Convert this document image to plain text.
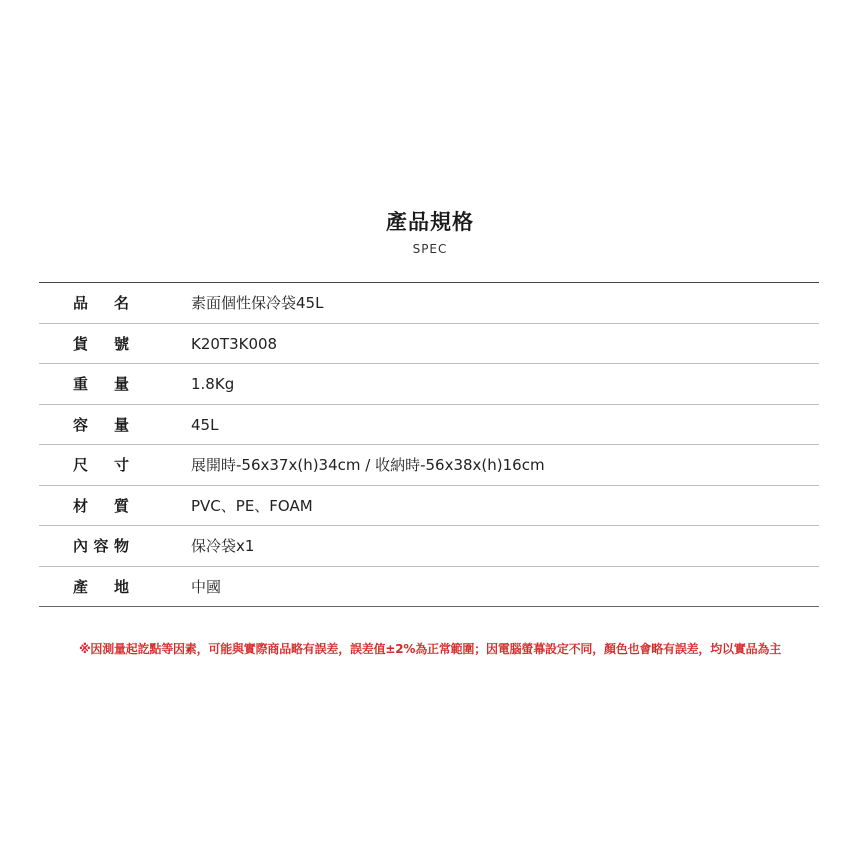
產品規格
SPEC
品名	素面個性保冷袋45L
貨號	K20T3K008
重量	1.8Kg
容量	45L
尺寸	展開時-56x37x(h)34cm / 收納時-56x38x(h)16cm
材質	PVC、PE、FOAM
內容物	保冷袋x1
產地	中國
※因測量起訖點等因素，可能與實際商品略有誤差，誤差值±2%為正常範圍；因電腦螢幕設定不同，顏色也會略有誤差，均以實品為主
